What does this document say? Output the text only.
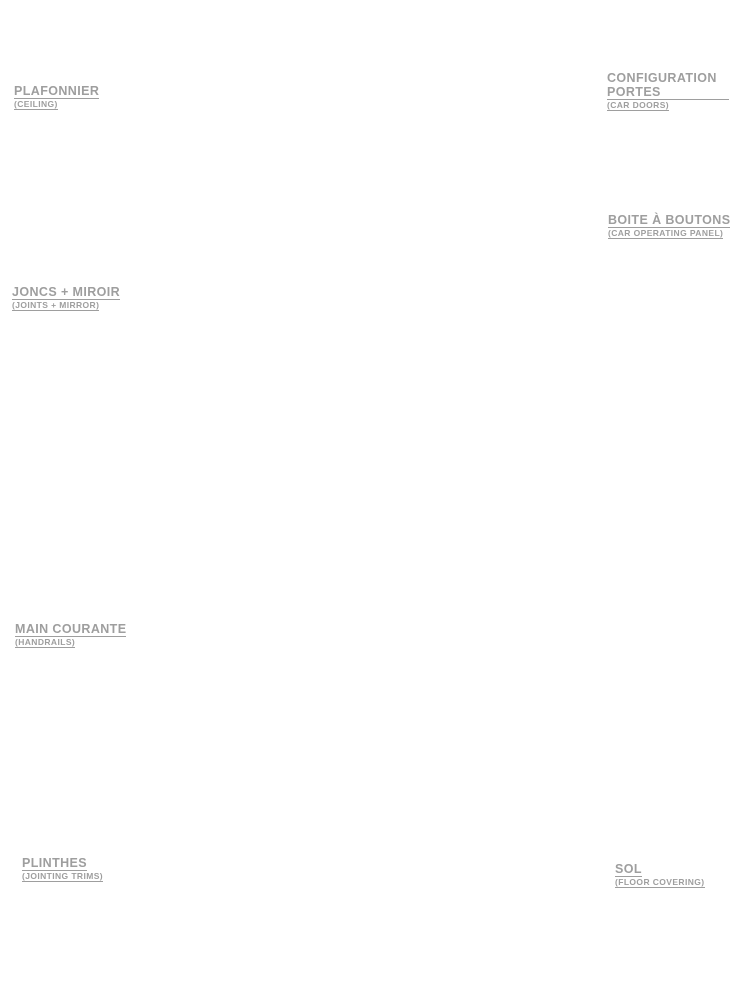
PLAFONNIER
(CEILING)
CONFIGURATION PORTES
(CAR DOORS)
BOITE À BOUTONS
(CAR OPERATING PANEL)
JONCS + MIROIR
(JOINTS + MIRROR)
MAIN COURANTE
(HANDRAILS)
PLINTHES
(JOINTING TRIMS)	SOL
(FLOOR COVERING)
